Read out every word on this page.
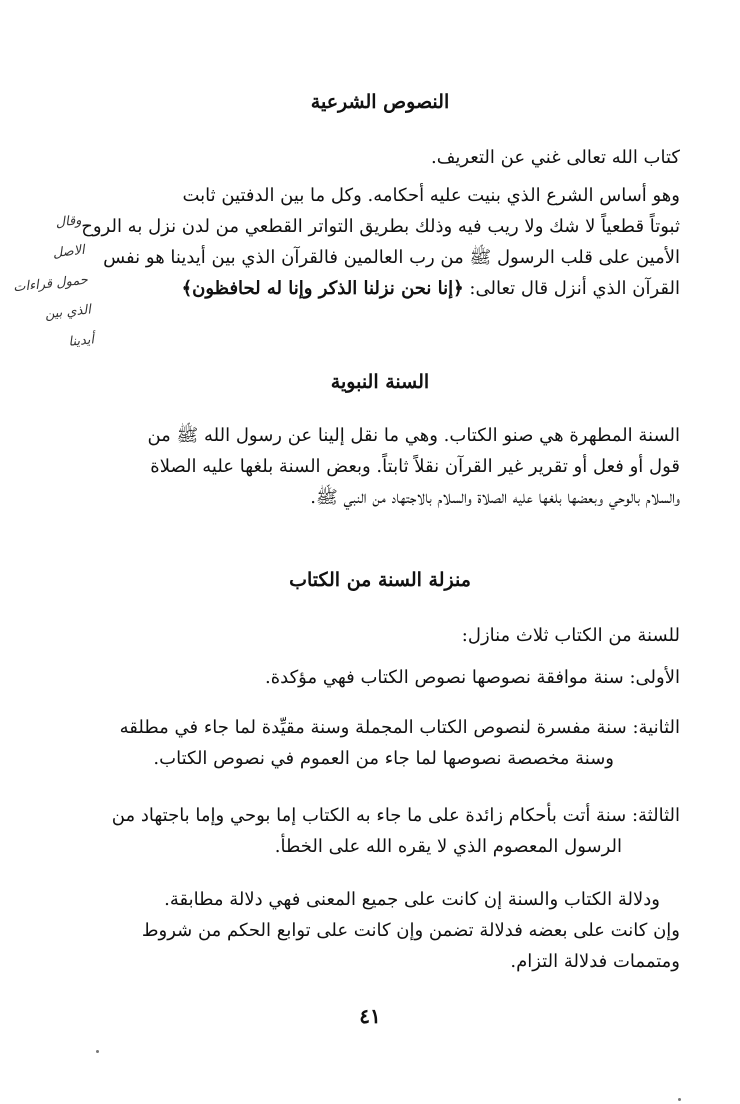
النصوص الشرعية
كتاب الله تعالى غني عن التعريف.
وهو أساس الشرع الذي بنيت عليه أحكامه. وكل ما بين الدفتين ثابت
ثبوتاً قطعياً لا شك ولا ريب فيه وذلك بطريق التواتر القطعي من لدن نزل به الروح
الأمين على قلب الرسول ﷺ من رب العالمين فالقرآن الذي بين أيدينا هو نفس
القرآن الذي أنزل قال تعالى: ﴿إنا نحن نزلنا الذكر وإنا له لحافظون﴾
السنة النبوية
السنة المطهرة هي صنو الكتاب. وهي ما نقل إلينا عن رسول الله ﷺ من
قول أو فعل أو تقرير غير القرآن نقلاً ثابتاً. وبعض السنة بلغها عليه الصلاة
والسلام بالوحي وبعضها بلغها عليه الصلاة والسلام بالاجتهاد من النبي ﷺ.
منزلة السنة من الكتاب
للسنة من الكتاب ثلاث منازل:
الأولى: سنة موافقة نصوصها نصوص الكتاب فهي مؤكدة.
الثانية: سنة مفسرة لنصوص الكتاب المجملة وسنة مقيِّدة لما جاء في مطلقه
وسنة مخصصة نصوصها لما جاء من العموم في نصوص الكتاب.
الثالثة: سنة أتت بأحكام زائدة على ما جاء به الكتاب إما بوحي وإما باجتهاد من
الرسول المعصوم الذي لا يقره الله على الخطأ.
ودلالة الكتاب والسنة إن كانت على جميع المعنى فهي دلالة مطابقة.
وإن كانت على بعضه فدلالة تضمن وإن كانت على توابع الحكم من شروط
ومتممات فدلالة التزام.
٤١
وقال
الاصل
حمول قراءات
الذي بين
أيدينا
